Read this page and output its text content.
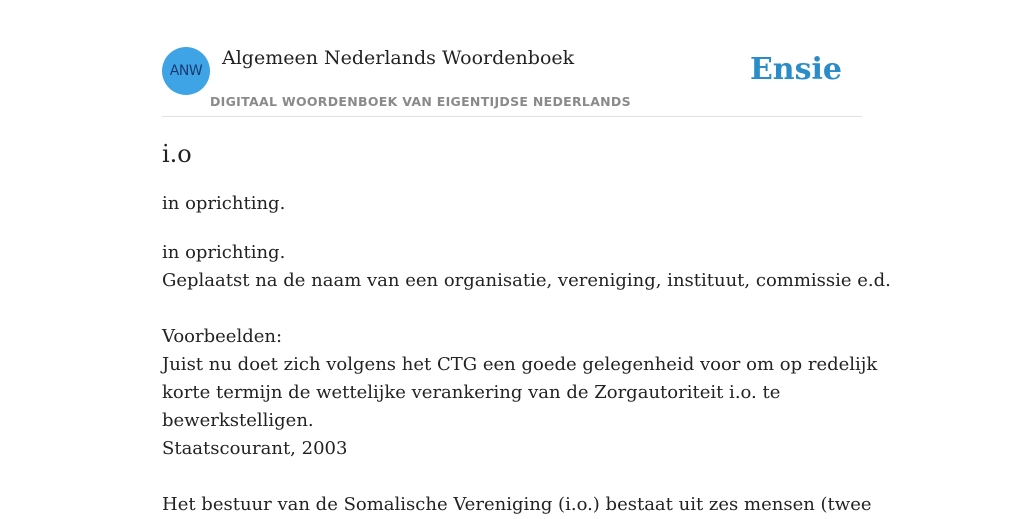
ANW
Algemeen Nederlands Woordenboek
DIGITAAL WOORDENBOEK VAN EIGENTIJDSE NEDERLANDS
Ensie
i.o
in oprichting.
in oprichting.
Geplaatst na de naam van een organisatie, vereniging, instituut, commissie e.d.
Voorbeelden:
Juist nu doet zich volgens het CTG een goede gelegenheid voor om op redelijk
korte termijn de wettelijke verankering van de Zorgautoriteit i.o. te
bewerkstelligen.
Staatscourant, 2003
Het bestuur van de Somalische Vereniging (i.o.) bestaat uit zes mensen (twee
